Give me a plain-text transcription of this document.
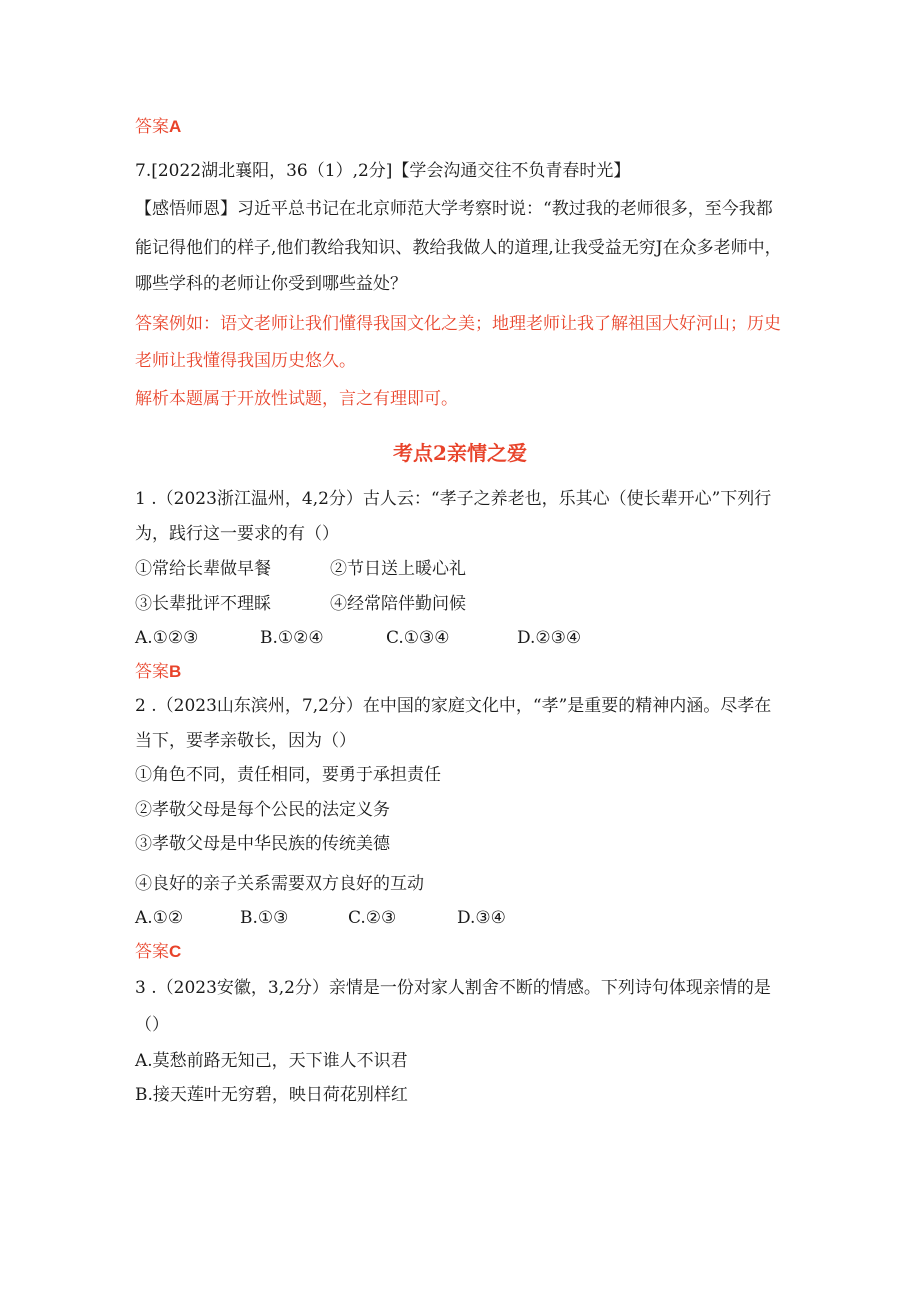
答案A
7.[2022湖北襄阳，36（1）,2分]【学会沟通交往不负青春时光】
【感悟师恩】习近平总书记在北京师范大学考察时说：“教过我的老师很多，至今我都
能记得他们的样子,他们教给我知识、教给我做人的道理,让我受益无穷J在众多老师中，
哪些学科的老师让你受到哪些益处？
答案例如：语文老师让我们懂得我国文化之美；地理老师让我了解祖国大好河山；历史
老师让我懂得我国历史悠久。
解析本题属于开放性试题，言之有理即可。
考点2亲情之爱
1 .（2023浙江温州，4,2分）古人云：“孝子之养老也，乐其心（使长辈开心”下列行
为，践行这一要求的有（）
①常给长辈做早餐	②节日送上暖心礼
③长辈批评不理睬	④经常陪伴勤问候
A.①②③	B.①②④	C.①③④	D.②③④
答案B
2 .（2023山东滨州，7,2分）在中国的家庭文化中，“孝”是重要的精神内涵。尽孝在
当下，要孝亲敬长，因为（）
①角色不同，责任相同，要勇于承担责任
②孝敬父母是每个公民的法定义务
③孝敬父母是中华民族的传统美德
④良好的亲子关系需要双方良好的互动
A.①②	B.①③	C.②③	D.③④
答案C
3 .（2023安徽，3,2分）亲情是一份对家人割舍不断的情感。下列诗句体现亲情的是
（）
A.莫愁前路无知己，天下谁人不识君
B.接天莲叶无穷碧，映日荷花别样红
